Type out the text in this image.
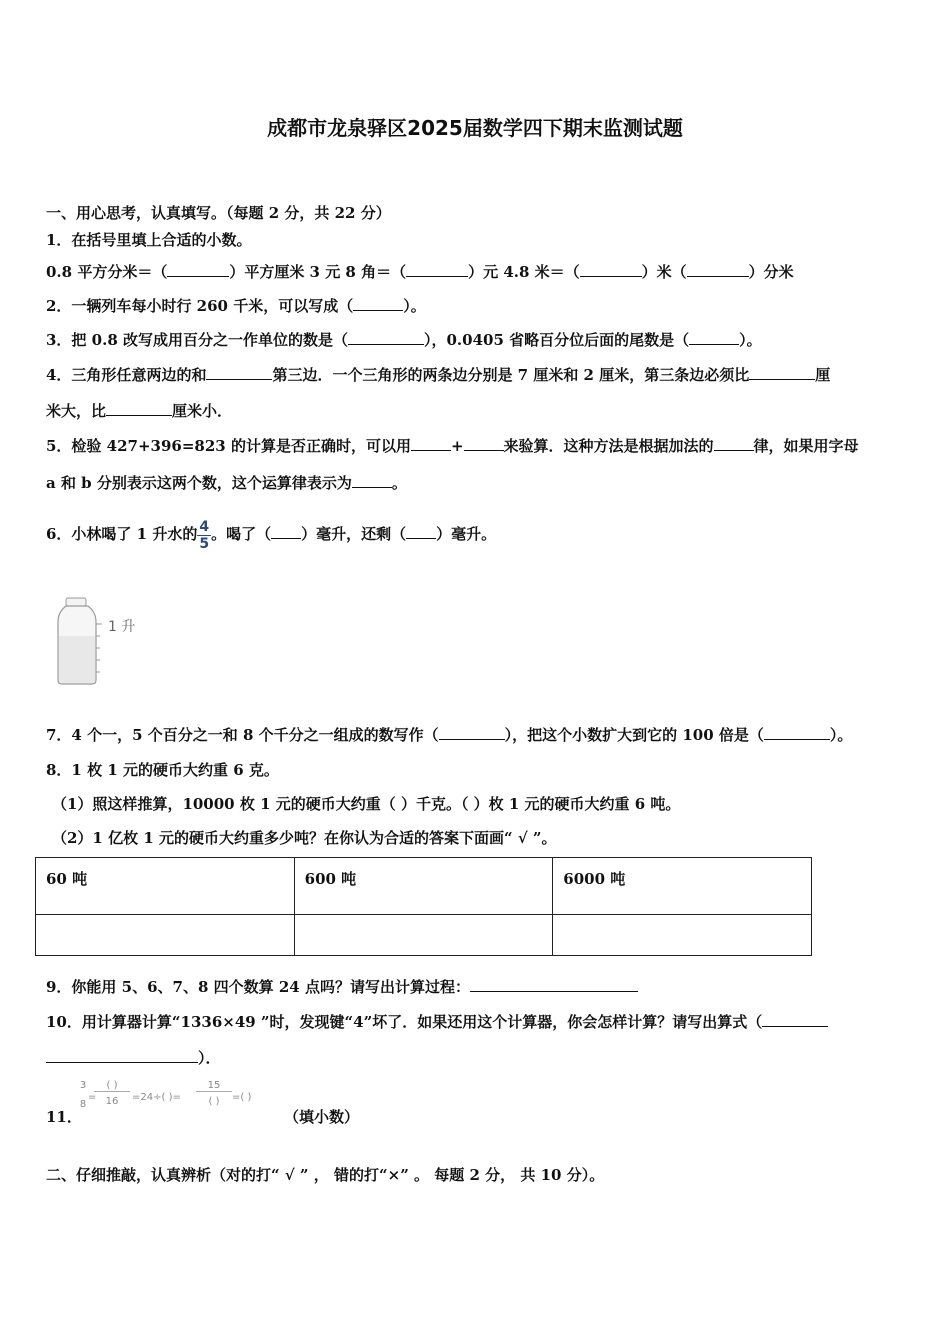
成都市龙泉驿区2025届数学四下期末监测试题
一、用心思考，认真填写。（每题 2 分，共 22 分）
1．在括号里填上合适的小数。
0.8 平方分米＝（	）平方厘米 3 元 8 角＝（	）元 4.8 米＝（	）米（	）分米
2．一辆列车每小时行 260 千米，可以写成（	）。
3．把 0.8 改写成用百分之一作单位的数是（	），0.0405 省略百分位后面的尾数是（	）。
4．三角形任意两边的和	第三边．一个三角形的两条边分别是 7 厘米和 2 厘米，第三条边必须比	厘
米大，比	厘米小．
5．检验 427+396=823 的计算是否正确时，可以用	+	来验算．这种方法是根据加法的	律，如果用字母
a 和 b 分别表示这两个数，这个运算律表示为	。
6．小林喝了 1 升水的 $\frac{4}{5}$ 。喝了（ ）毫升，还剩（ ）毫升。
1 升
7．4 个一，5 个百分之一和 8 个千分之一组成的数写作（	），把这个小数扩大到它的 100 倍是（	）。
8．1 枚 1 元的硬币大约重 6 克。
（1）照这样推算，10000 枚 1 元的硬币大约重（ ）千克。（ ）枚 1 元的硬币大约重 6 吨。
（2）1 亿枚 1 元的硬币大约重多少吨？在你认为合适的答案下面画“ √ ”。
60 吨	600 吨	6000 吨

9．你能用 5、6、7、8 四个数算 24 点吗？请写出计算过程：
10．用计算器计算“1336×49 ”时，发现键“4”坏了．如果还用这个计算器，你会怎样计算？请写出算式（
）．
11．
3
8
=
( )
16	=24÷( )=
15
( )	=( )
（填小数）
二、仔细推敲，认真辨析（对的打“ √ ” ， 错的打“×” 。 每题 2 分， 共 10 分）。
